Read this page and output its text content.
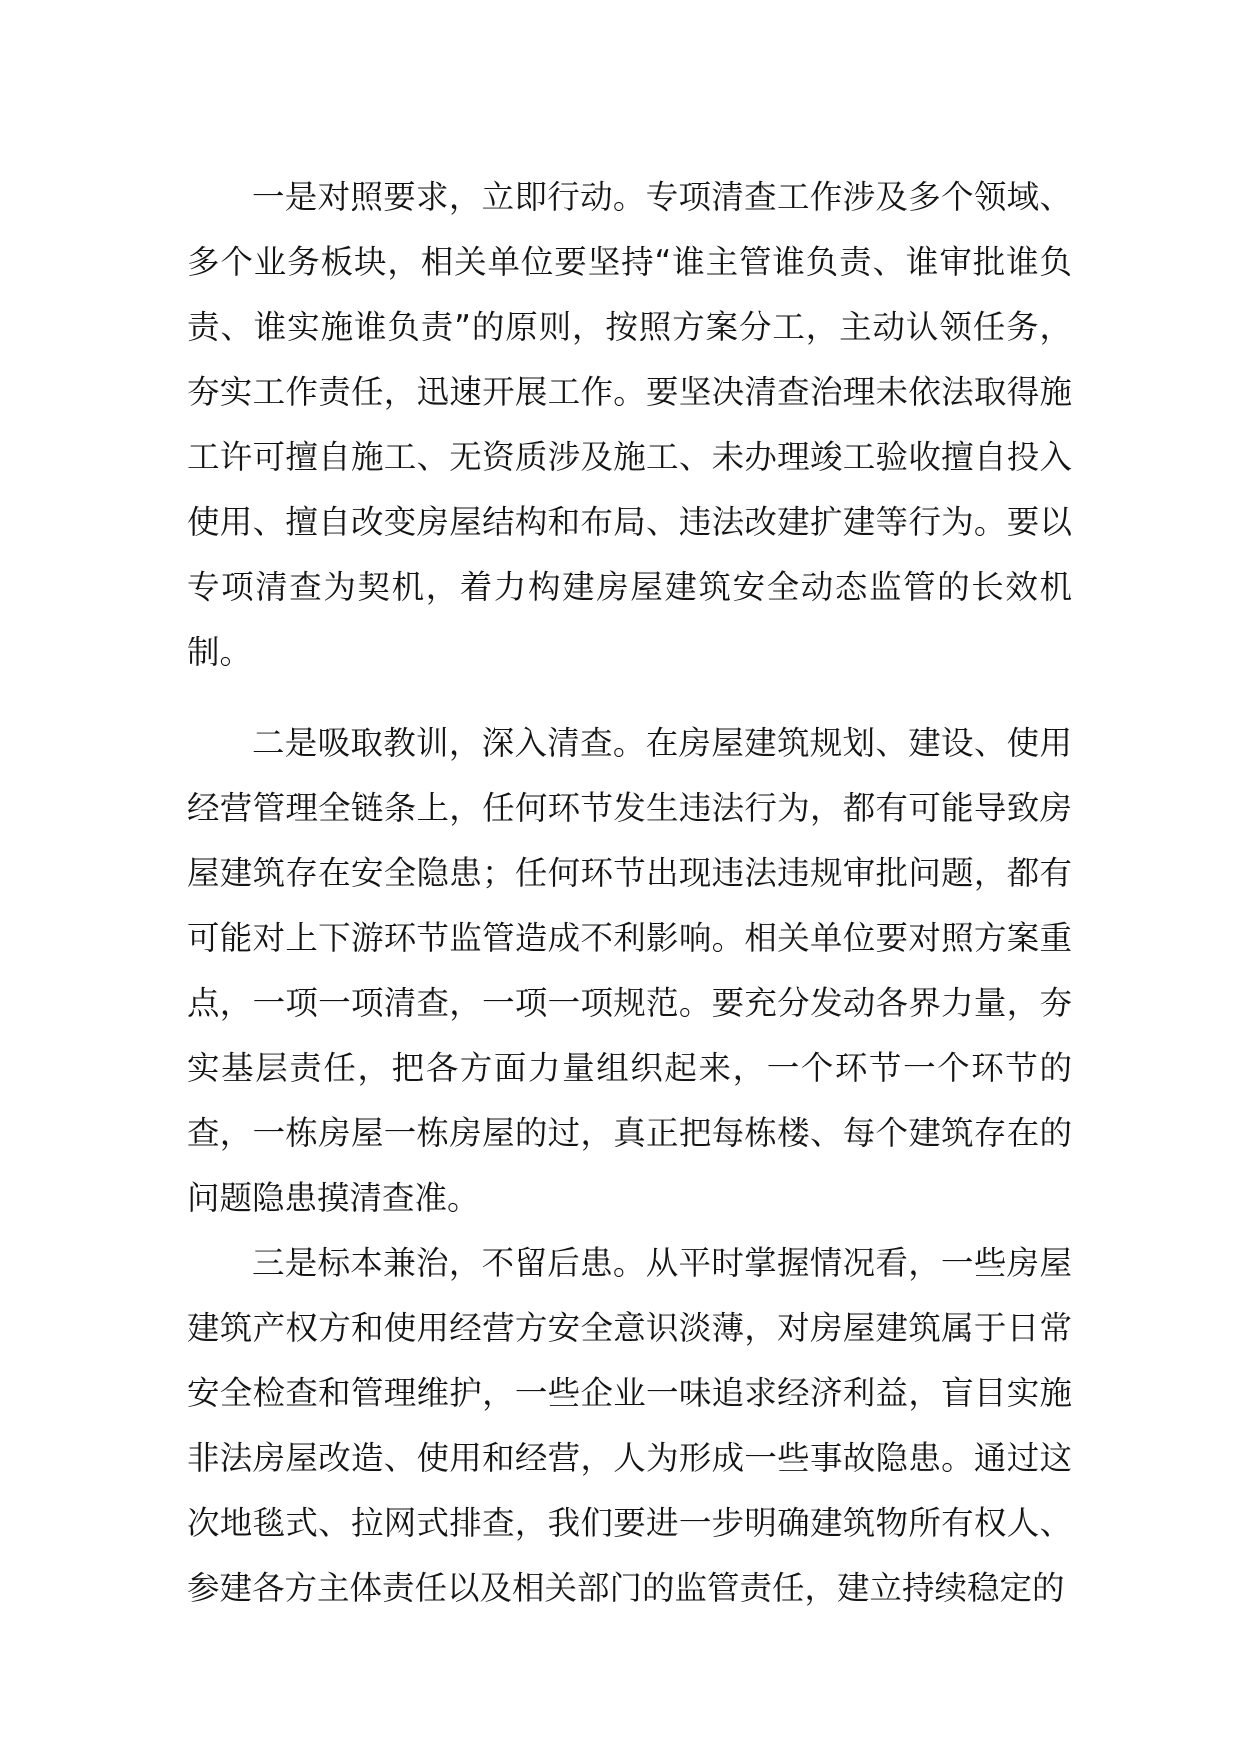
一是对照要求，立即行动。专项清查工作涉及多个领域、多个业务板块，相关单位要坚持“谁主管谁负责、谁审批谁负责、谁实施谁负责”的原则，按照方案分工，主动认领任务，夯实工作责任，迅速开展工作。要坚决清查治理未依法取得施工许可擅自施工、无资质涉及施工、未办理竣工验收擅自投入使用、擅自改变房屋结构和布局、违法改建扩建等行为。要以专项清查为契机，着力构建房屋建筑安全动态监管的长效机制。

二是吸取教训，深入清查。在房屋建筑规划、建设、使用经营管理全链条上，任何环节发生违法行为，都有可能导致房屋建筑存在安全隐患；任何环节出现违法违规审批问题，都有可能对上下游环节监管造成不利影响。相关单位要对照方案重点，一项一项清查，一项一项规范。要充分发动各界力量，夯实基层责任，把各方面力量组织起来，一个环节一个环节的查，一栋房屋一栋房屋的过，真正把每栋楼、每个建筑存在的问题隐患摸清查准。

三是标本兼治，不留后患。从平时掌握情况看，一些房屋建筑产权方和使用经营方安全意识淡薄，对房屋建筑属于日常安全检查和管理维护，一些企业一味追求经济利益，盲目实施非法房屋改造、使用和经营，人为形成一些事故隐患。通过这次地毯式、拉网式排查，我们要进一步明确建筑物所有权人、参建各方主体责任以及相关部门的监管责任，建立持续稳定的
